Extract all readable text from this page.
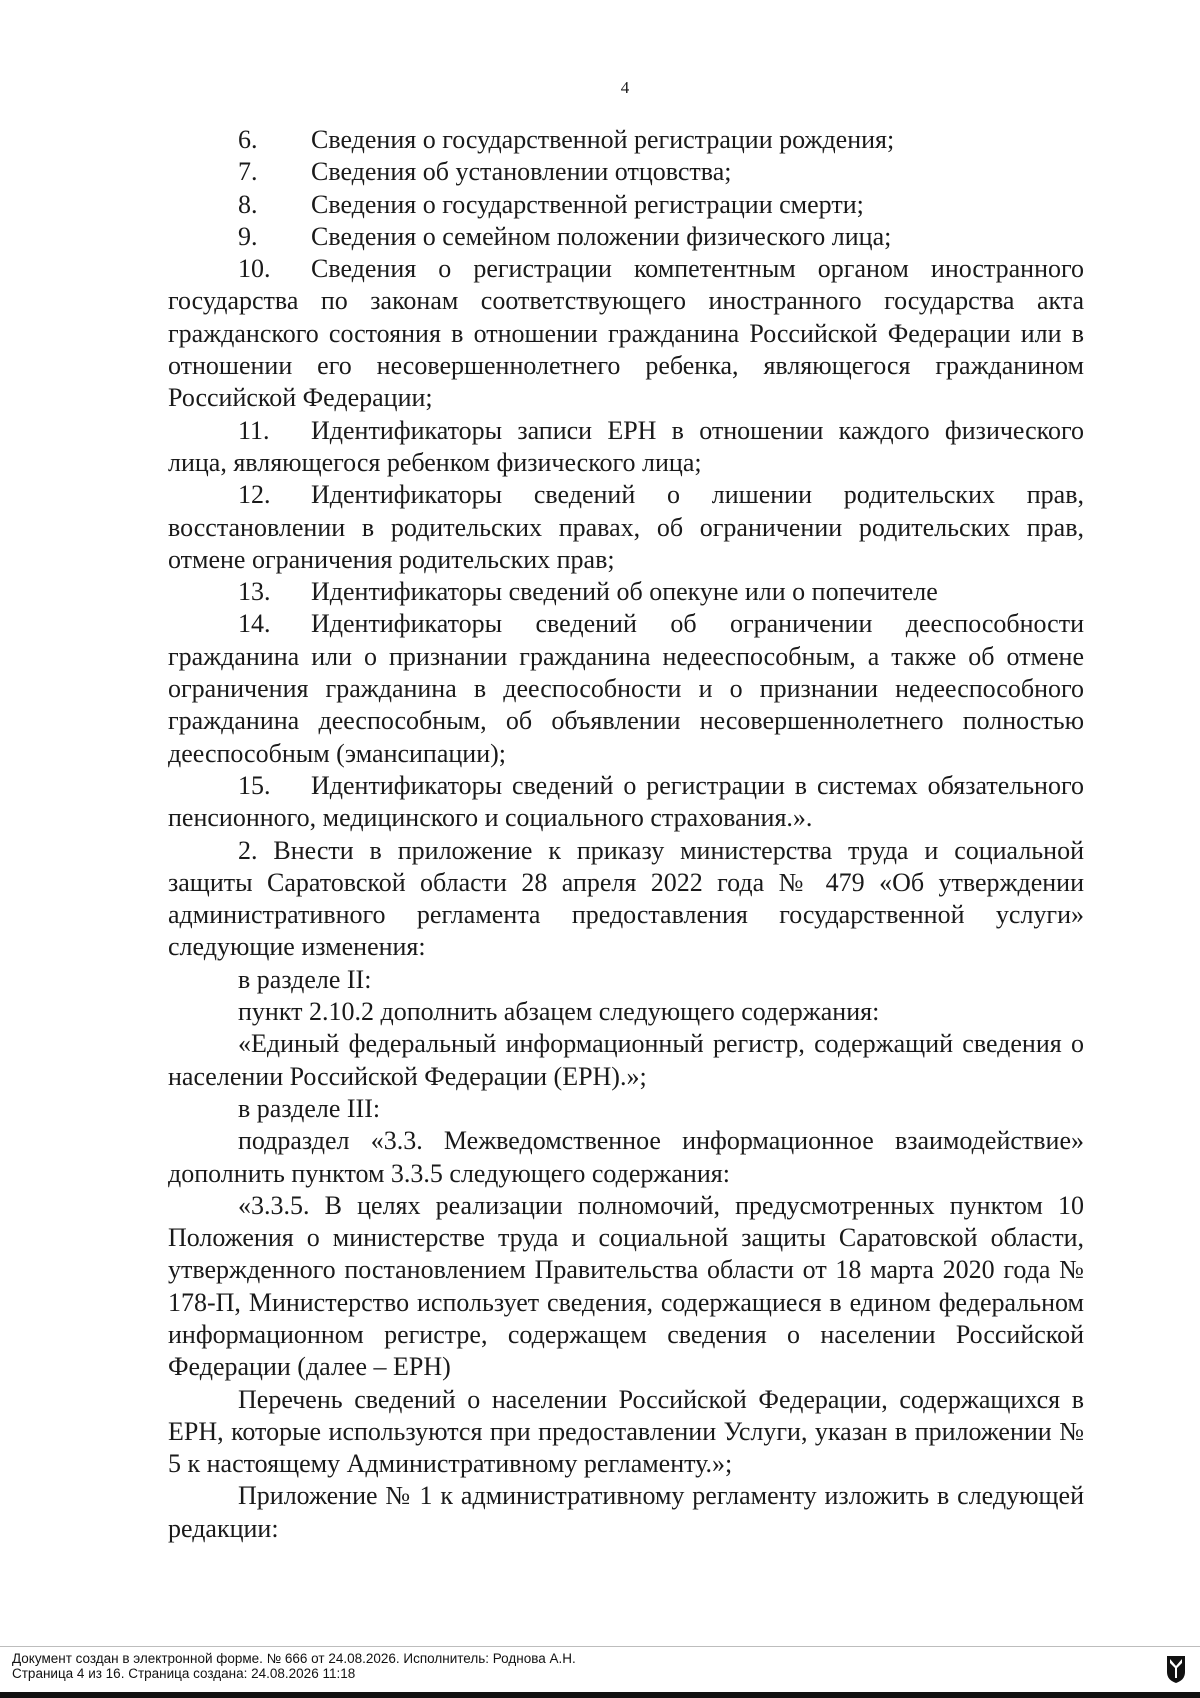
4

6. Сведения о государственной регистрации рождения;

7. Сведения об установлении отцовства;

8. Сведения о государственной регистрации смерти;

9. Сведения о семейном положении физического лица;

10. Сведения о регистрации компетентным органом иностранного государства по законам соответствующего иностранного государства акта гражданского состояния в отношении гражданина Российской Федерации или в отношении его несовершеннолетнего ребенка, являющегося гражданином Российской Федерации;

11. Идентификаторы записи ЕРН в отношении каждого физического лица, являющегося ребенком физического лица;

12. Идентификаторы сведений о лишении родительских прав, восстановлении в родительских правах, об ограничении родительских прав, отмене ограничения родительских прав;

13. Идентификаторы сведений об опекуне или о попечителе

14. Идентификаторы сведений об ограничении дееспособности гражданина или о признании гражданина недееспособным, а также об отмене ограничения гражданина в дееспособности и о признании недееспособного гражданина дееспособным, об объявлении несовершеннолетнего полностью дееспособным (эмансипации);

15. Идентификаторы сведений о регистрации в системах обязательного пенсионного, медицинского и социального страхования.».

2. Внести в приложение к приказу министерства труда и социальной защиты Саратовской области 28 апреля 2022 года № 479 «Об утверждении административного регламента предоставления государственной услуги» следующие изменения:

в разделе II:

пункт 2.10.2 дополнить абзацем следующего содержания:

«Единый федеральный информационный регистр, содержащий сведения о населении Российской Федерации (ЕРН).»;

в разделе III:

подраздел «3.3. Межведомственное информационное взаимодействие» дополнить пунктом 3.3.5 следующего содержания:

«3.3.5. В целях реализации полномочий, предусмотренных пунктом 10 Положения о министерстве труда и социальной защиты Саратовской области, утвержденного постановлением Правительства области от 18 марта 2020 года № 178-П, Министерство использует сведения, содержащиеся в едином федеральном информационном регистре, содержащем сведения о населении Российской Федерации (далее – ЕРН)

Перечень сведений о населении Российской Федерации, содержащихся в ЕРН, которые используются при предоставлении Услуги, указан в приложении № 5 к настоящему Административному регламенту.»;

Приложение № 1 к административному регламенту изложить в следующей редакции:

Документ создан в электронной форме. № 666 от 24.08.2026. Исполнитель: Роднова А.Н.
Страница 4 из 16. Страница создана: 24.08.2026 11:18
